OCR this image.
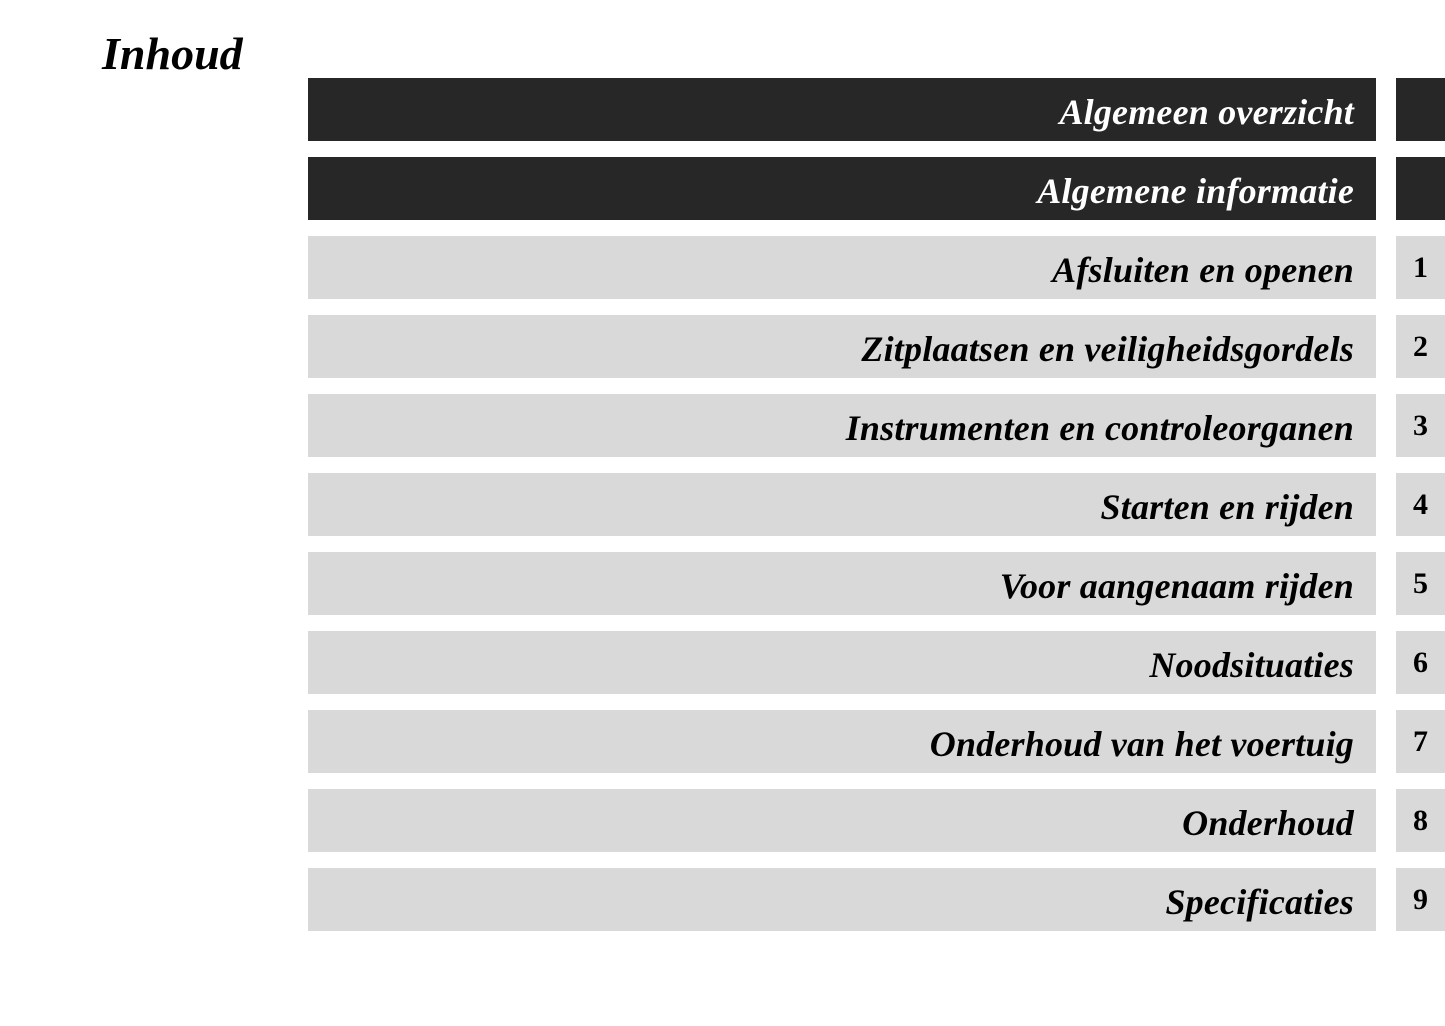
Inhoud
Algemeen overzicht
Algemene informatie
Afsluiten en openen 1
Zitplaatsen en veiligheidsgordels 2
Instrumenten en controleorganen 3
Starten en rijden 4
Voor aangenaam rijden 5
Noodsituaties 6
Onderhoud van het voertuig 7
Onderhoud 8
Specificaties 9
